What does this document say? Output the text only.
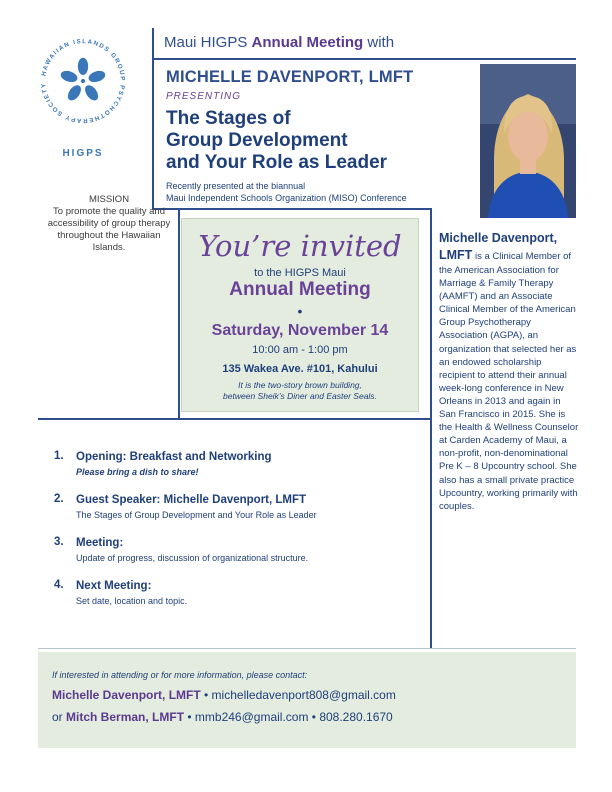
HAWAIIAN ISLANDS GROUP PSYCHOTHERAPY SOCIETY
HIGPS
MISSION
To promote the quality and accessibility of group therapy throughout the Hawaiian Islands.
Maui HIGPS Annual Meeting with
MICHELLE DAVENPORT, LMFT
PRESENTING
The Stages of
Group Development
and Your Role as Leader
Recently presented at the biannual
Maui Independent Schools Organization (MISO) Conference
You’re invited
to the HIGPS Maui
Annual Meeting
•
Saturday, November 14
10:00 am - 1:00 pm
135 Wakea Ave. #101, Kahului
It is the two-story brown building,
between Sheik’s Diner and Easter Seals.
Michelle Davenport, LMFT is a Clinical Member of the American Association for Marriage & Family Therapy (AAMFT) and an Associate Clinical Member of the American Group Psychotherapy Association (AGPA), an organization that selected her as an endowed scholarship recipient to attend their annual week-long conference in New Orleans in 2013 and again in San Francisco in 2015. She is the Health & Wellness Counselor at Carden Academy of Maui, a non-profit, non-denominational Pre K – 8 Upcountry school. She also has a small private practice Upcountry, working primarily with couples.
1. Opening: Breakfast and Networking
Please bring a dish to share!
2. Guest Speaker: Michelle Davenport, LMFT
The Stages of Group Development and Your Role as Leader
3. Meeting:
Update of progress, discussion of organizational structure.
4. Next Meeting:
Set date, location and topic.
If interested in attending or for more information, please contact:
Michelle Davenport, LMFT • michelledavenport808@gmail.com
or Mitch Berman, LMFT • mmb246@gmail.com • 808.280.1670
